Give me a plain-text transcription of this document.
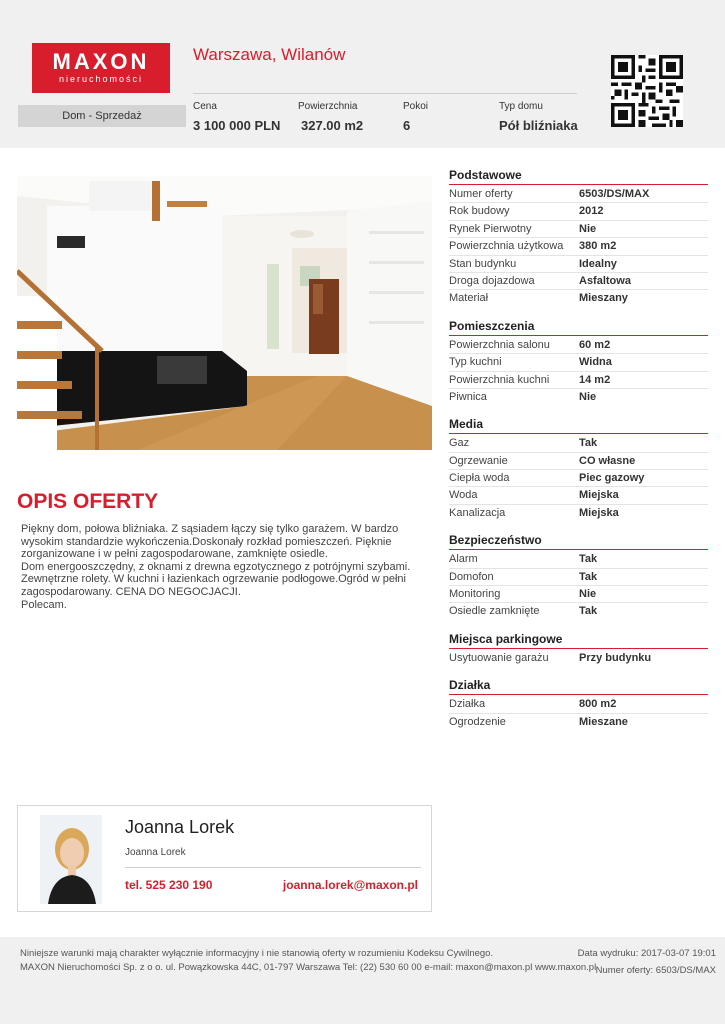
MAXON
nieruchomości
Warszawa, Wilanów
Dom - Sprzedaż
Cena
3 100 000 PLN
Powierzchnia
327.00 m2
Pokoi
6
Typ domu
Pół bliźniaka
OPIS OFERTY
Piękny dom, połowa bliźniaka. Z sąsiadem łączy się tylko garażem. W bardzo
wysokim standardzie wykończenia.Doskonały rozkład pomieszczeń. Pięknie
zorganizowane i w pełni zagospodarowane, zamknięte osiedle.
Dom energooszczędny, z oknami z drewna egzotycznego z potrójnymi szybami.
Zewnętrzne rolety. W kuchni i łazienkach ogrzewanie podłogowe.Ogród w pełni
zagospodarowany. CENA DO NEGOCJACJI.
Polecam.
Podstawowe
Numer oferty	6503/DS/MAX
Rok budowy	2012
Rynek Pierwotny	Nie
Powierzchnia użytkowa 380 m2
Stan budynku	Idealny
Droga dojazdowa	Asfaltowa
Materiał	Mieszany
Pomieszczenia
Powierzchnia salonu	60 m2
Typ kuchni	Widna
Powierzchnia kuchni	14 m2
Piwnica	Nie
Media
Gaz	Tak
Ogrzewanie	CO własne
Ciepła woda	Piec gazowy
Woda	Miejska
Kanalizacja	Miejska
Bezpieczeństwo
Alarm	Tak
Domofon	Tak
Monitoring	Nie
Osiedle zamknięte	Tak
Miejsca parkingowe
Usytuowanie garażu	Przy budynku
Działka
Działka	800 m2
Ogrodzenie	Mieszane
Joanna Lorek
Joanna Lorek
tel. 525 230 190	joanna.lorek@maxon.pl
Niniejsze warunki mają charakter wyłącznie informacyjny i nie stanowią oferty w rozumieniu Kodeksu Cywilnego.
MAXON Nieruchomości Sp. z o o. ul. Powązkowska 44C, 01-797 Warszawa Tel: (22) 530 60 00 e-mail: maxon@maxon.pl www.maxon.pl
Data wydruku: 2017-03-07 19:01
Numer oferty: 6503/DS/MAX
